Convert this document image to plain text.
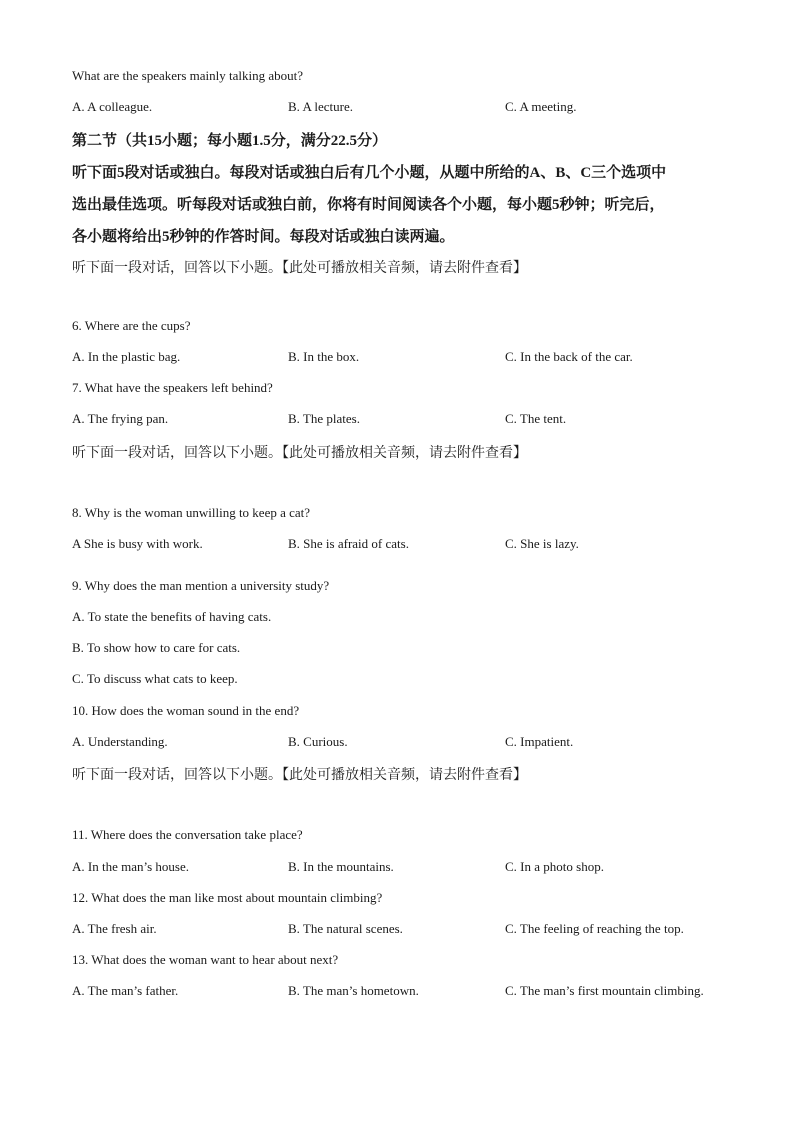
What are the speakers mainly talking about?
A. A colleague.	B. A lecture.	C. A meeting.
第二节（共15小题；每小题1.5分，满分22.5分）
听下面5段对话或独白。每段对话或独白后有几个小题，从题中所给的A、B、C三个选项中
选出最佳选项。听每段对话或独白前，你将有时间阅读各个小题，每小题5秒钟；听完后，
各小题将给出5秒钟的作答时间。每段对话或独白读两遍。
听下面一段对话，回答以下小题。【此处可播放相关音频，请去附件查看】
6. Where are the cups?
A. In the plastic bag.	B. In the box.	C. In the back of the car.
7. What have the speakers left behind?
A. The frying pan.	B. The plates.	C. The tent.
听下面一段对话，回答以下小题。【此处可播放相关音频，请去附件查看】
8. Why is the woman unwilling to keep a cat?
A She is busy with work.	B. She is afraid of cats.	C. She is lazy.
9. Why does the man mention a university study?
A. To state the benefits of having cats.
B. To show how to care for cats.
C. To discuss what cats to keep.
10. How does the woman sound in the end?
A. Understanding.	B. Curious.	C. Impatient.
听下面一段对话，回答以下小题。【此处可播放相关音频，请去附件查看】
11. Where does the conversation take place?
A. In the man’s house.	B. In the mountains.	C. In a photo shop.
12. What does the man like most about mountain climbing?
A. The fresh air.	B. The natural scenes.	C. The feeling of reaching the top.
13. What does the woman want to hear about next?
A. The man’s father.	B. The man’s hometown.	C. The man’s first mountain climbing.
